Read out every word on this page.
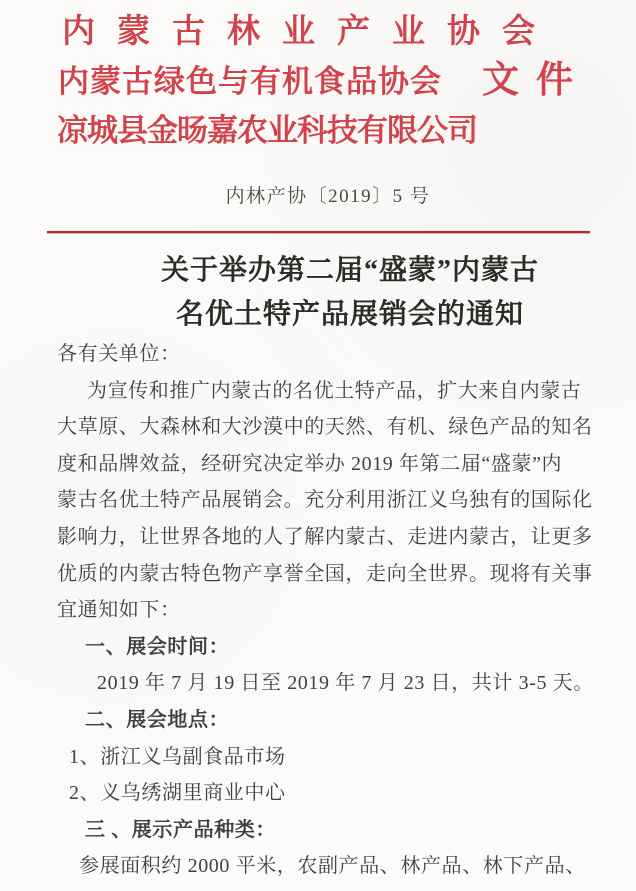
内蒙古林业产业协会
内蒙古绿色与有机食品协会 文件
凉城县金旸嘉农业科技有限公司
内林产协〔2019〕5 号
关于举办第二届“盛蒙”内蒙古
名优土特产品展销会的通知
各有关单位：
为宣传和推广内蒙古的名优土特产品，扩大来自内蒙古
大草原、大森林和大沙漠中的天然、有机、绿色产品的知名
度和品牌效益，经研究决定举办 2019 年第二届“盛蒙”内
蒙古名优土特产品展销会。充分利用浙江义乌独有的国际化
影响力，让世界各地的人了解内蒙古、走进内蒙古，让更多
优质的内蒙古特色物产享誉全国，走向全世界。现将有关事
宜通知如下：
一、展会时间：
2019 年 7 月 19 日至 2019 年 7 月 23 日，共计 3-5 天。
二、展会地点：
1、浙江义乌副食品市场
2、义乌绣湖里商业中心
三 、展示产品种类：
参展面积约 2000 平米，农副产品、林产品、林下产品、
